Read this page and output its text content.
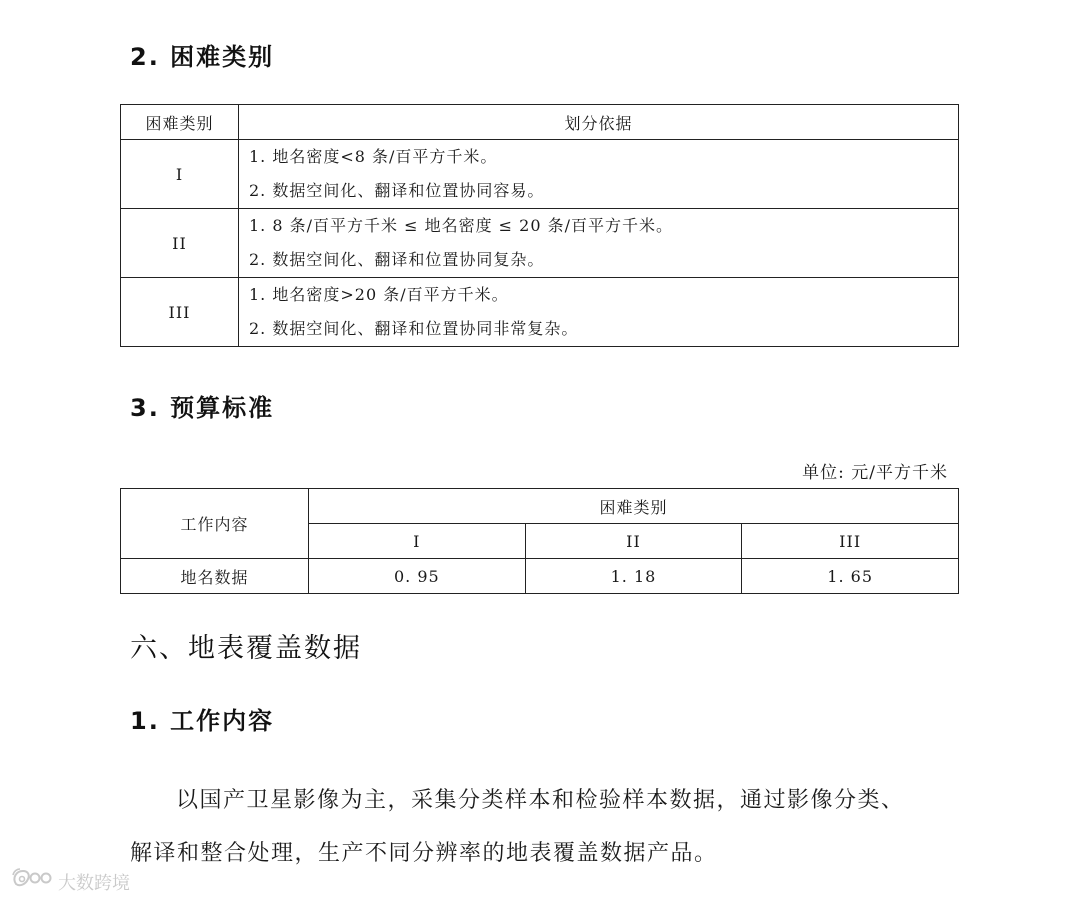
2. 困难类别
困难类别	划分依据
I	1. 地名密度<8 条/百平方千米。
2. 数据空间化、翻译和位置协同容易。

II	1. 8 条/百平方千米 ≤ 地名密度 ≤ 20 条/百平方千米。
2. 数据空间化、翻译和位置协同复杂。

III	1. 地名密度>20 条/百平方千米。
2. 数据空间化、翻译和位置协同非常复杂。
3. 预算标准
单位: 元/平方千米
工作内容	困难类别		
	I	II	III
地名数据	0. 95	1. 18	1. 65
六、地表覆盖数据
1. 工作内容
以国产卫星影像为主，采集分类样本和检验样本数据，通过影像分类、
解译和整合处理，生产不同分辨率的地表覆盖数据产品。
大数跨境
